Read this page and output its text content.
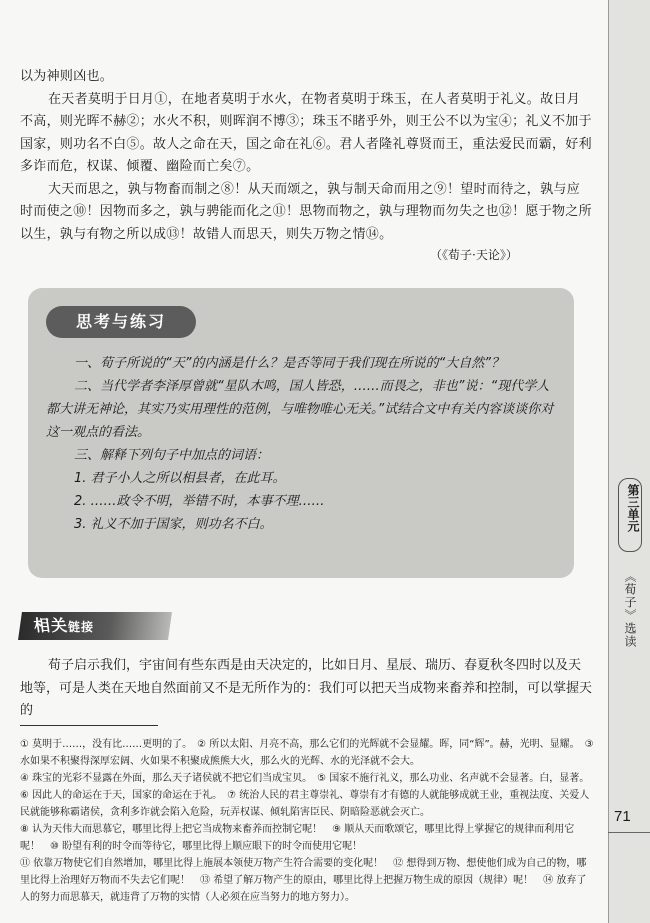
以为神则凶也。

在天者莫明于日月①，在地者莫明于水火，在物者莫明于珠玉，在人者莫明于礼义。故日月不高，则光晖不赫②；水火不积，则晖润不博③；珠玉不睹乎外，则王公不以为宝④；礼义不加于国家，则功名不白⑤。故人之命在天，国之命在礼⑥。君人者隆礼尊贤而王，重法爱民而霸，好利多诈而危，权谋、倾覆、幽险而亡矣⑦。

大天而思之，孰与物畜而制之⑧！从天而颂之，孰与制天命而用之⑨！望时而待之，孰与应时而使之⑩！因物而多之，孰与骋能而化之⑪！思物而物之，孰与理物而勿失之也⑫！愿于物之所以生，孰与有物之所以成⑬！故错人而思天，则失万物之情⑭。

（《荀子·天论》）
思考与练习

一、荀子所说的“天”的内涵是什么？是否等同于我们现在所说的“大自然”？

二、当代学者李泽厚曾就“星队木鸣，国人皆恐，……而畏之，非也”说：“现代学人都大讲无神论，其实乃实用理性的范例，与唯物唯心无关。”试结合文中有关内容谈谈你对这一观点的看法。

三、解释下列句子中加点的词语：

1. 君子小人之所以相县者，在此耳。

2. ……政令不明，举错不时，本事不理……

3. 礼义不加于国家，则功名不白。

相关链接

荀子启示我们，宇宙间有些东西是由天决定的，比如日月、星辰、瑞历、春夏秋冬四时以及天地等，可是人类在天地自然面前又不是无所作为的：我们可以把天当成物来畜养和控制，可以掌握天的

① 莫明于……，没有比……更明的了。　② 所以太阳、月亮不高，那么它们的光辉就不会显耀。晖，同“辉”。赫，光明、显耀。　③ 水如果不积聚得深厚宏阔、火如果不积聚成熊熊大火，那么火的光辉、水的光泽就不会大。

④ 珠宝的光彩不显露在外面，那么天子诸侯就不把它们当成宝贝。　⑤ 国家不施行礼义，那么功业、名声就不会显著。白，显著。　⑥ 因此人的命运在于天，国家的命运在于礼。　⑦ 统治人民的君主尊崇礼、尊崇有才有德的人就能够成就王业，重视法度、关爱人民就能够称霸诸侯，贪利多诈就会陷入危险，玩弄权谋、倾轧陷害臣民、阴暗险恶就会灭亡。

⑧ 认为天伟大而思慕它，哪里比得上把它当成物来畜养而控制它呢！　⑨ 顺从天而歌颂它，哪里比得上掌握它的规律而利用它呢！　⑩ 盼望有利的时令而等待它，哪里比得上顺应眼下的时令而使用它呢！

⑪ 依靠万物使它们自然增加，哪里比得上施展本领使万物产生符合需要的变化呢！　⑫ 想得到万物、想使他们成为自己的物，哪里比得上治理好万物而不失去它们呢！　⑬ 希望了解万物产生的原由，哪里比得上把握万物生成的原因（规律）呢！　⑭ 放弃了人的努力而思慕天，就违背了万物的实情（人必须在应当努力的地方努力）。

第三单元
《荀子》选读
71
